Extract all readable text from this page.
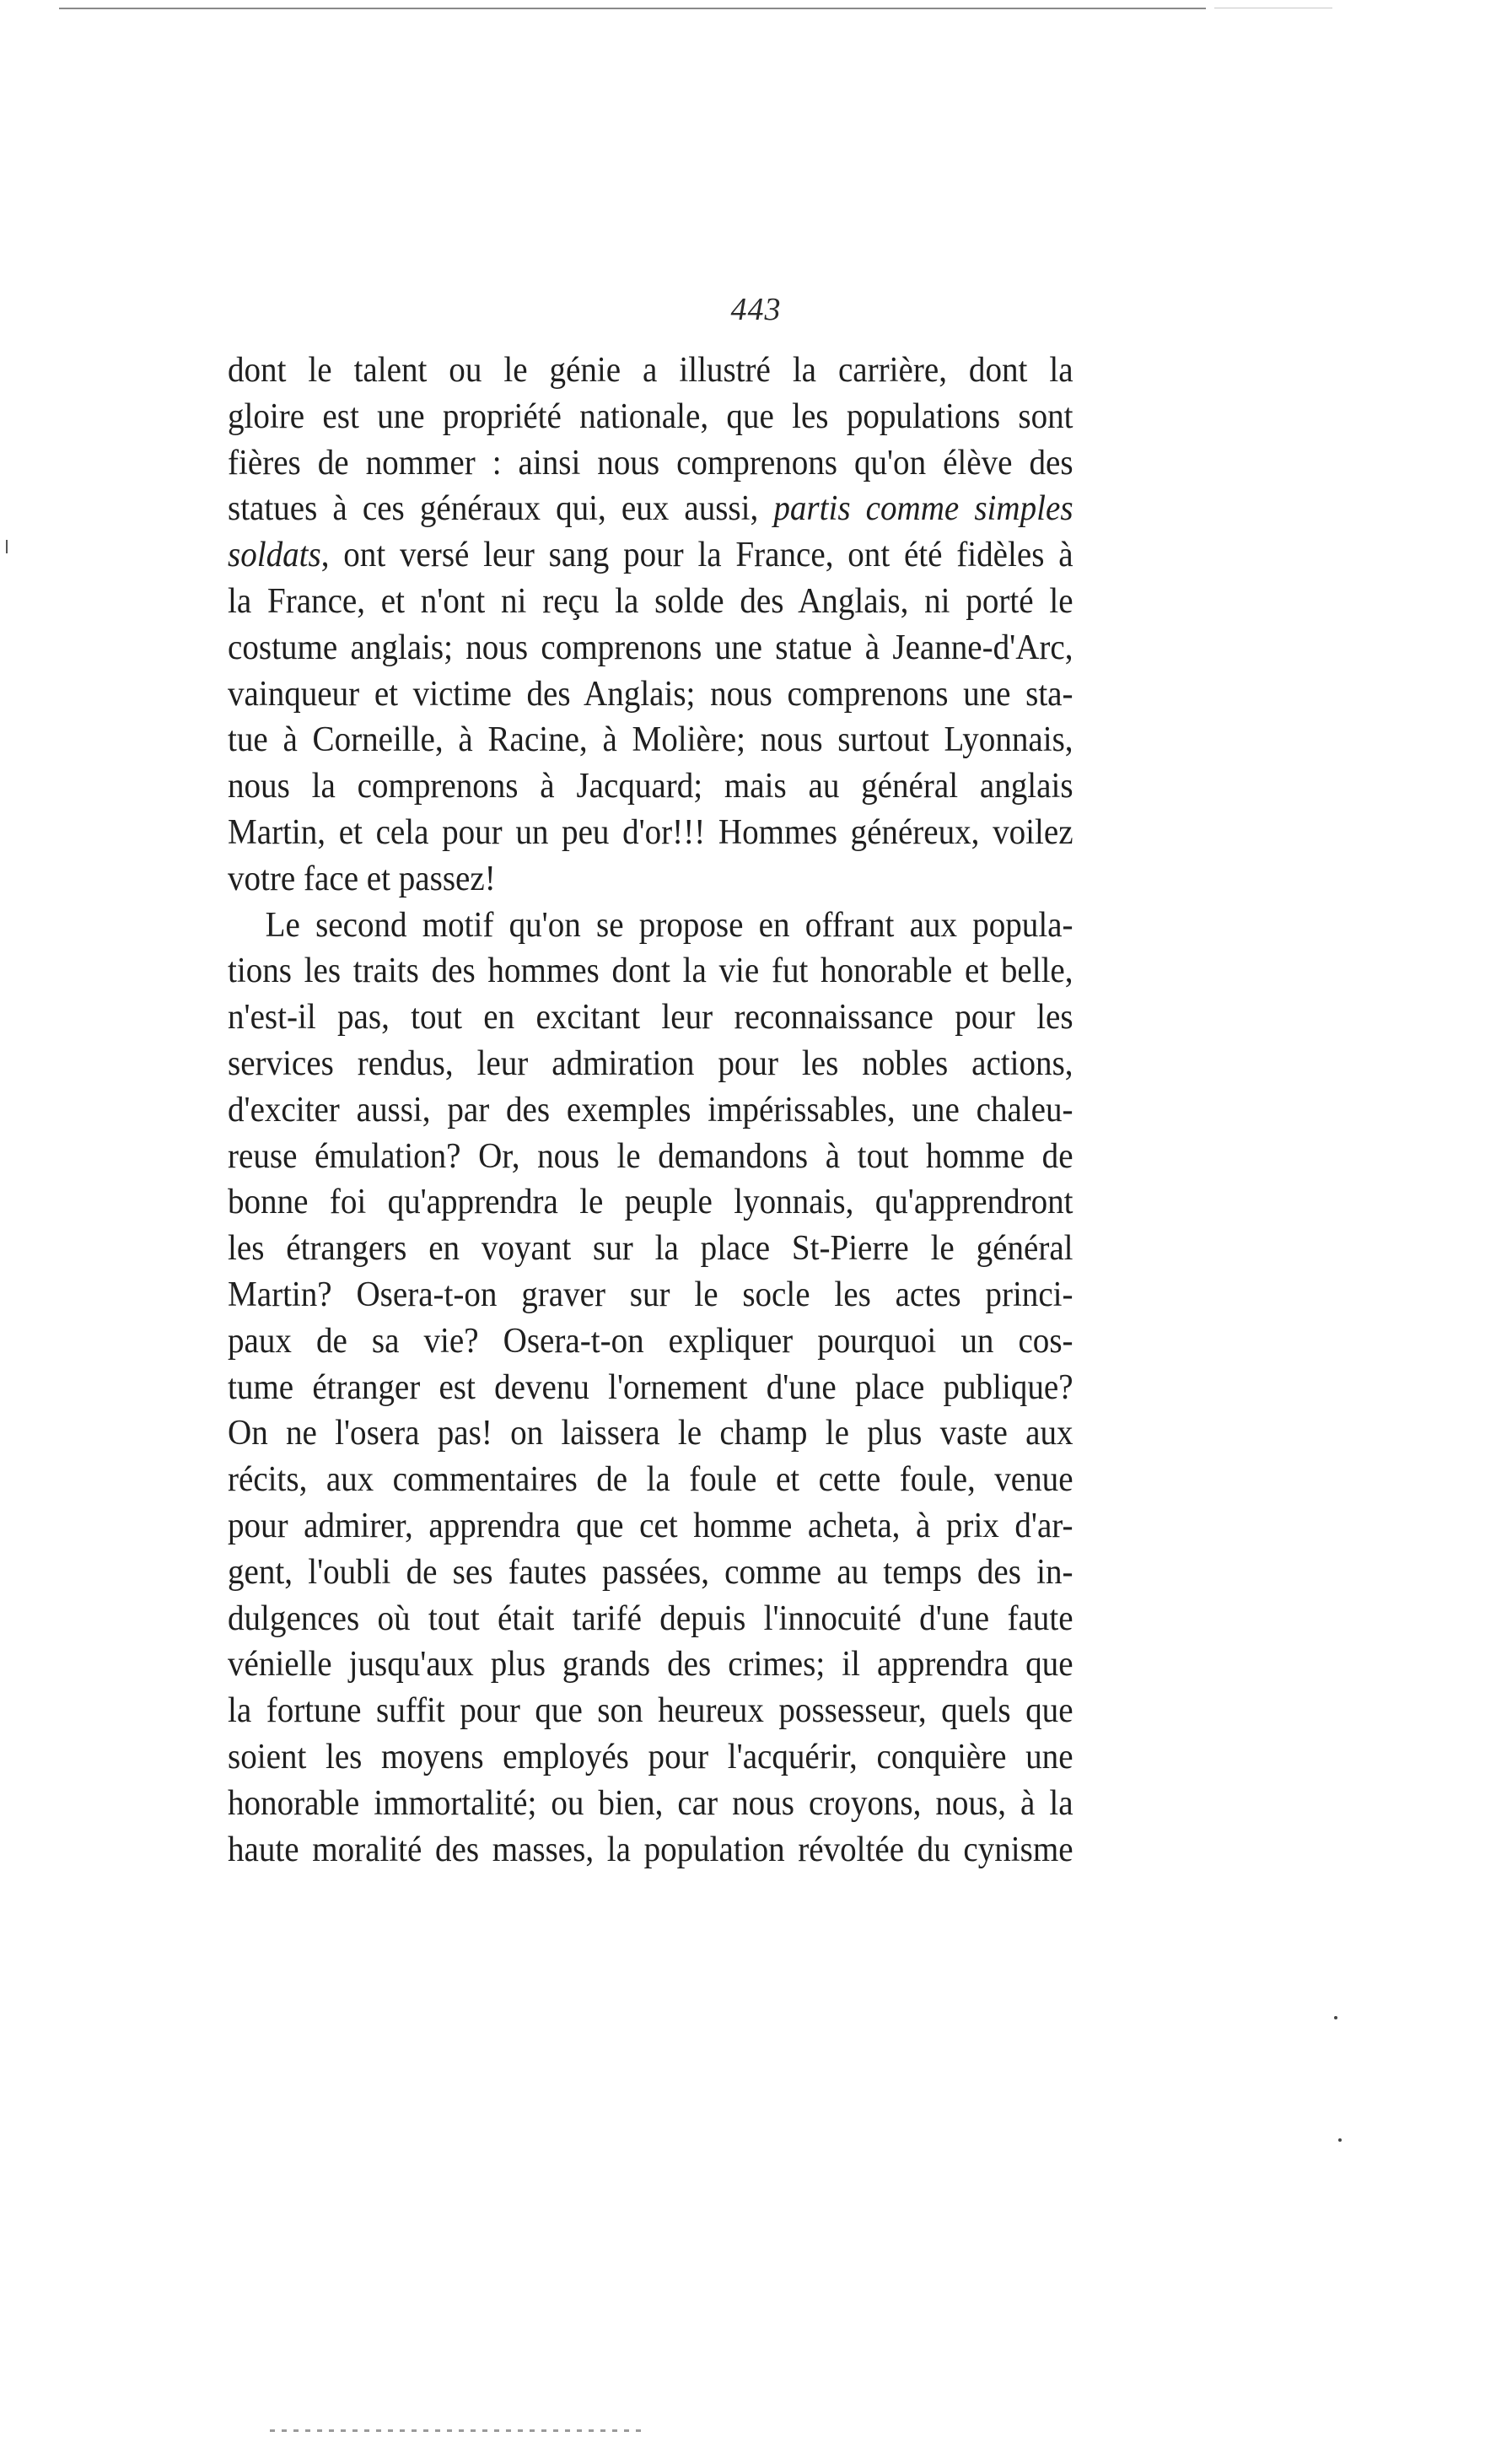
443
dont le talent ou le génie a illustré la carrière, dont la
gloire est une propriété nationale, que les populations sont
fières de nommer : ainsi nous comprenons qu'on élève des
statues à ces généraux qui, eux aussi, partis comme simples
soldats, ont versé leur sang pour la France, ont été fidèles à
la France, et n'ont ni reçu la solde des Anglais, ni porté le
costume anglais; nous comprenons une statue à Jeanne-d'Arc,
vainqueur et victime des Anglais; nous comprenons une sta-
tue à Corneille, à Racine, à Molière; nous surtout Lyonnais,
nous la comprenons à Jacquard; mais au général anglais
Martin, et cela pour un peu d'or!!! Hommes généreux, voilez
votre face et passez!
Le second motif qu'on se propose en offrant aux popula-
tions les traits des hommes dont la vie fut honorable et belle,
n'est-il pas, tout en excitant leur reconnaissance pour les
services rendus, leur admiration pour les nobles actions,
d'exciter aussi, par des exemples impérissables, une chaleu-
reuse émulation? Or, nous le demandons à tout homme de
bonne foi qu'apprendra le peuple lyonnais, qu'apprendront
les étrangers en voyant sur la place St-Pierre le général
Martin? Osera-t-on graver sur le socle les actes princi-
paux de sa vie? Osera-t-on expliquer pourquoi un cos-
tume étranger est devenu l'ornement d'une place publique?
On ne l'osera pas! on laissera le champ le plus vaste aux
récits, aux commentaires de la foule et cette foule, venue
pour admirer, apprendra que cet homme acheta, à prix d'ar-
gent, l'oubli de ses fautes passées, comme au temps des in-
dulgences où tout était tarifé depuis l'innocuité d'une faute
vénielle jusqu'aux plus grands des crimes; il apprendra que
la fortune suffit pour que son heureux possesseur, quels que
soient les moyens employés pour l'acquérir, conquière une
honorable immortalité; ou bien, car nous croyons, nous, à la
haute moralité des masses, la population révoltée du cynisme
